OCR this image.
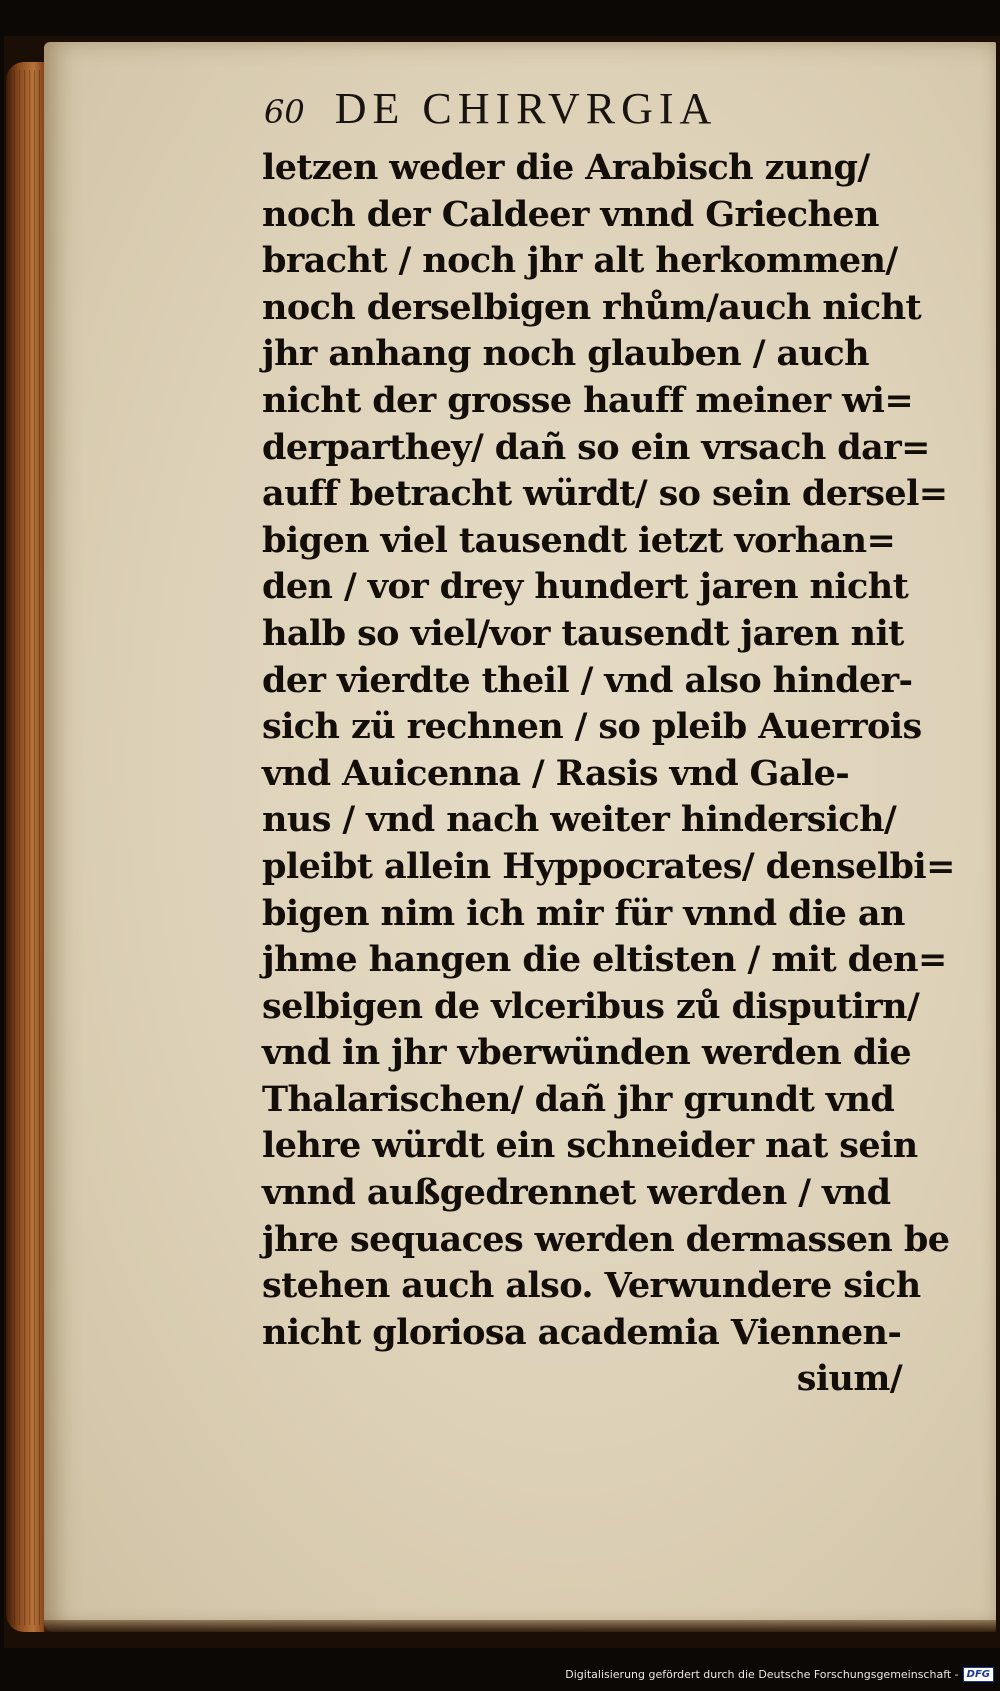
60 DE CHIRVRGIA
letzen weder die Arabisch zung/
noch der Caldeer vnnd Griechen
bracht / noch jhr alt herkommen/
noch derselbigen rhům/auch nicht
jhr anhang noch glauben / auch
nicht der grosse hauff meiner wi=
derparthey/ dañ so ein vrsach dar=
auff betracht würdt/ so sein dersel=
bigen viel tausendt ietzt vorhan=
den / vor drey hundert jaren nicht
halb so viel/vor tausendt jaren nit
der vierdte theil / vnd also hinder-
sich zü rechnen / so pleib Auerrois
vnd Auicenna / Rasis vnd Gale-
nus / vnd nach weiter hindersich/
pleibt allein Hyppocrates/ denselbi=
bigen nim ich mir für vnnd die an
jhme hangen die eltisten / mit den=
selbigen de vlceribus zů disputirn/
vnd in jhr vberwünden werden die
Thalarischen/ dañ jhr grundt vnd
lehre würdt ein schneider nat sein
vnnd außgedrennet werden / vnd
jhre sequaces werden dermassen be
stehen auch also. Verwundere sich
nicht gloriosa academia Viennen-
sium/
Digitalisierung gefördert durch die Deutsche Forschungsgemeinschaft - DFG
